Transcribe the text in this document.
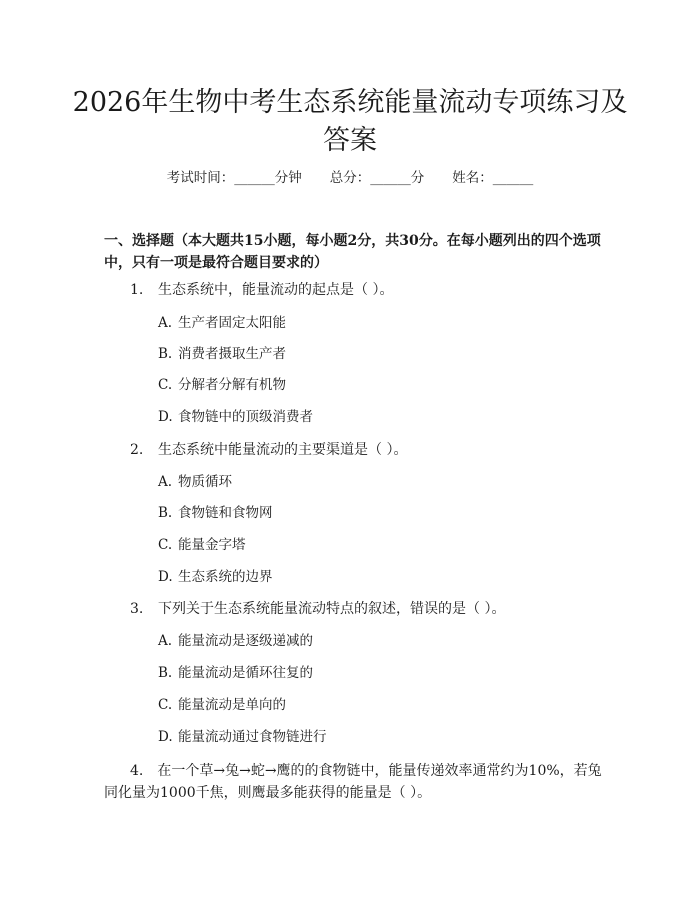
2026年生物中考生态系统能量流动专项练习及答案
考试时间：______分钟 总分：______分 姓名：______
一、选择题（本大题共15小题，每小题2分，共30分。在每小题列出的四个选项中，只有一项是最符合题目要求的）
1. 生态系统中，能量流动的起点是（ ）。
A. 生产者固定太阳能
B. 消费者摄取生产者
C. 分解者分解有机物
D. 食物链中的顶级消费者
2. 生态系统中能量流动的主要渠道是（ ）。
A. 物质循环
B. 食物链和食物网
C. 能量金字塔
D. 生态系统的边界
3. 下列关于生态系统能量流动特点的叙述，错误的是（ ）。
A. 能量流动是逐级递减的
B. 能量流动是循环往复的
C. 能量流动是单向的
D. 能量流动通过食物链进行
4.　 在一个草→兔→蛇→鹰的的食物链中，能量传递效率通常约为10%，若兔同化量为1000千焦，则鹰最多能获得的能量是（ ）。
